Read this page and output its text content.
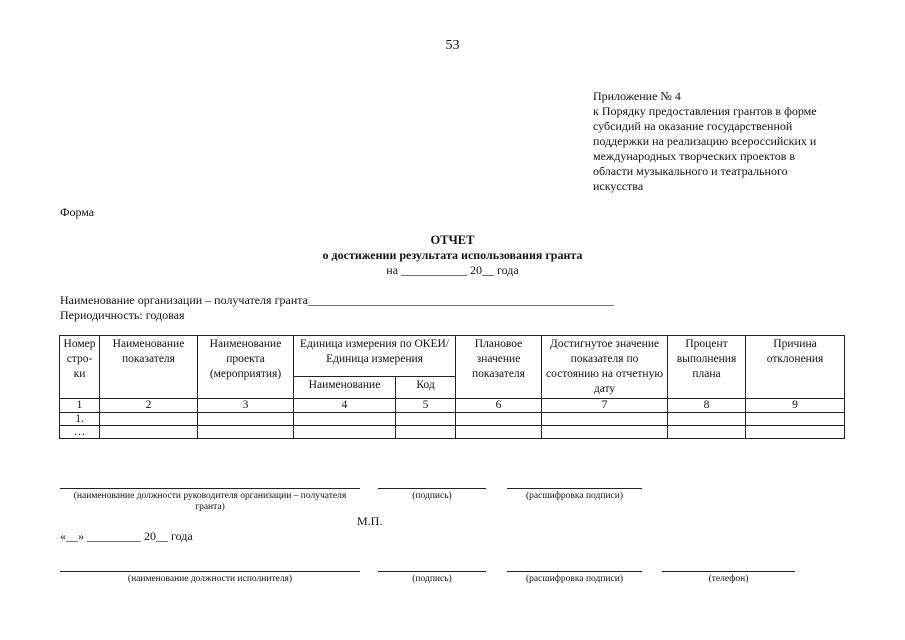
53
Приложение № 4
к Порядку предоставления грантов в форме
субсидий на оказание государственной
поддержки на реализацию всероссийских и
международных творческих проектов в
области музыкального и театрального
искусства
Форма
ОТЧЕТ
о достижении результата использования гранта
на ___________ 20__ года
Наименование организации – получателя гранта___________________________________________________
Периодичность: годовая
Номер стро-ки	Наименование показателя	Наименование проекта (мероприятия)	Единица измерения по ОКЕИ/Единица измерения		Плановое значение показателя	Достигнутое значение показателя по состоянию на отчетную дату	Процент выполнения плана	Причина отклонения
			Наименование	Код				
1	2	3	4	5	6	7	8	9
1.								
…								
(наименование должности руководителя организации – получателя гранта)
(подпись)	(расшифровка подписи)
М.П.
«__» _________ 20__ года
(наименование должности исполнителя)	(подпись)	(расшифровка подписи)	(телефон)
